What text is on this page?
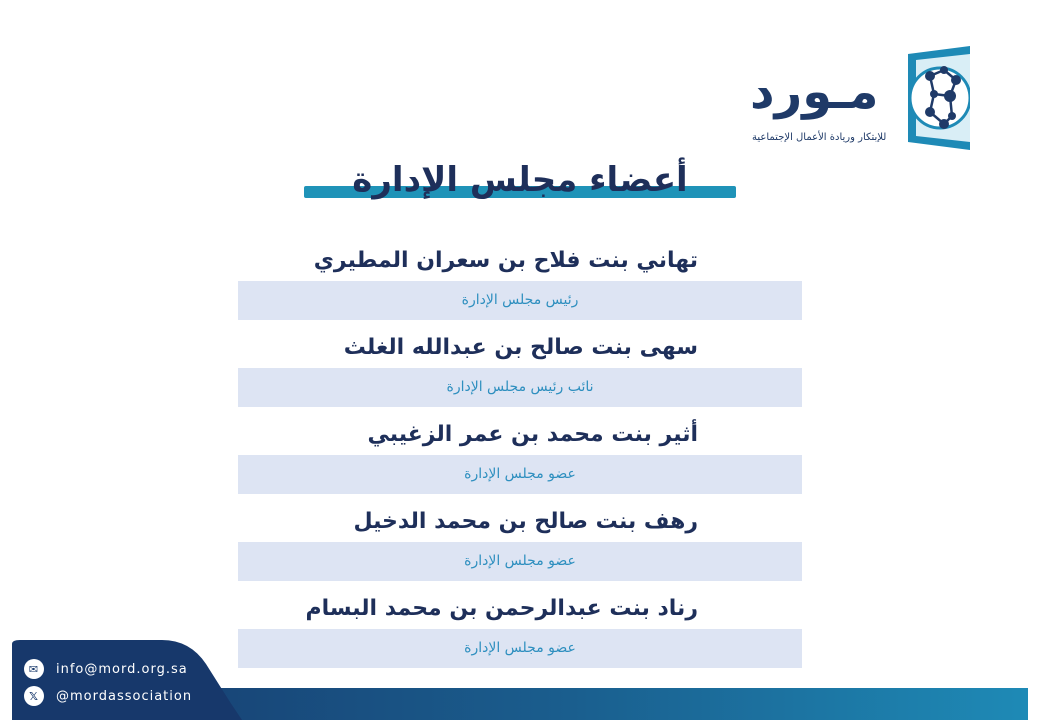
مـورد
للإبتكار وريادة الأعمال الإجتماعية
أعضاء مجلس الإدارة
تهاني بنت فلاح بن سعران المطيري
رئيس مجلس الإدارة
سهى بنت صالح بن عبدالله الغلث
نائب رئيس مجلس الإدارة
أثير بنت محمد بن عمر الزغيبي
عضو مجلس الإدارة
رهف بنت صالح بن محمد الدخيل
عضو مجلس الإدارة
رناد بنت عبدالرحمن بن محمد البسام
عضو مجلس الإدارة
✉	info@mord.org.sa
𝕏	@mordassociation
